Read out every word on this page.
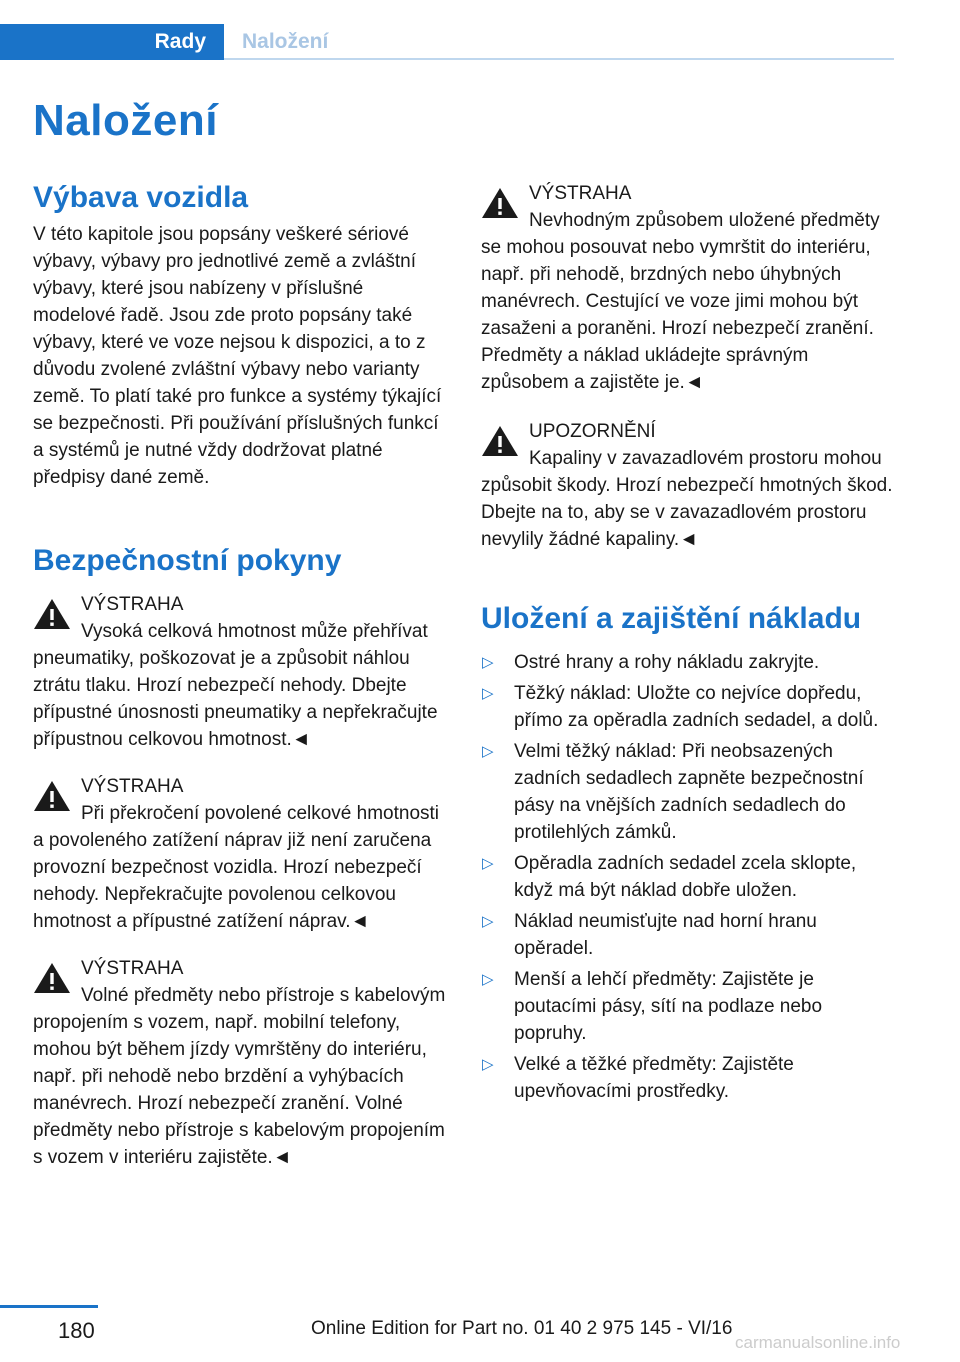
Rady	Naložení
Naložení
Výbava vozidla

V této kapitole jsou popsány veškeré sériové výbavy, výbavy pro jednotlivé země a zvláštní výbavy, které jsou nabízeny v příslušné modelové řadě. Jsou zde proto popsány také výbavy, které ve voze nejsou k dispozici, a to z důvodu zvolené zvláštní výbavy nebo varianty země. To platí také pro funkce a systémy týkající se bezpečnosti. Při používání příslušných funkcí a systémů je nutné vždy dodržovat platné předpisy dané země.

Bezpečnostní pokyny
VÝSTRAHA

Vysoká celková hmotnost může přehřívat pneumatiky, poškozovat je a způsobit náhlou ztrátu tlaku. Hrozí nebezpečí nehody. Dbejte přípustné únosnosti pneumatiky a nepřekračujte přípustnou celkovou hmotnost.◄

VÝSTRAHA

Při překročení povolené celkové hmotnosti a povoleného zatížení náprav již není zaručena provozní bezpečnost vozidla. Hrozí nebezpečí nehody. Nepřekračujte povolenou celkovou hmotnost a přípustné zatížení náprav.◄

VÝSTRAHA

Volné předměty nebo přístroje s kabelovým propojením s vozem, např. mobilní telefony, mohou být během jízdy vymrštěny do interiéru, např. při nehodě nebo brzdění a vyhýbacích manévrech. Hrozí nebezpečí zranění. Volné předměty nebo přístroje s kabelovým propojením s vozem v interiéru zajistěte.◄

VÝSTRAHA

Nevhodným způsobem uložené předměty se mohou posouvat nebo vymrštit do interiéru, např. při nehodě, brzdných nebo úhybných manévrech. Cestující ve voze jimi mohou být zasaženi a poraněni. Hrozí nebezpečí zranění. Předměty a náklad ukládejte správným způsobem a zajistěte je.◄

UPOZORNĚNÍ

Kapaliny v zavazadlovém prostoru mohou způsobit škody. Hrozí nebezpečí hmotných škod. Dbejte na to, aby se v zavazadlovém prostoru nevylily žádné kapaliny.◄

Uložení a zajištění nákladu
▷ Ostré hrany a rohy nákladu zakryjte.
▷ Těžký náklad: Uložte co nejvíce dopředu, přímo za opěradla zadních sedadel, a dolů.
▷ Velmi těžký náklad: Při neobsazených zadních sedadlech zapněte bezpečnostní pásy na vnějších zadních sedadlech do protilehlých zámků.
▷ Opěradla zadních sedadel zcela sklopte, když má být náklad dobře uložen.
▷ Náklad neumisťujte nad horní hranu opěradel.
▷ Menší a lehčí předměty: Zajistěte je poutacími pásy, sítí na podlaze nebo popruhy.
▷ Velké a těžké předměty: Zajistěte upevňovacími prostředky.
180	Online Edition for Part no. 01 40 2 975 145 - VI/16
carmanualsonline.info
